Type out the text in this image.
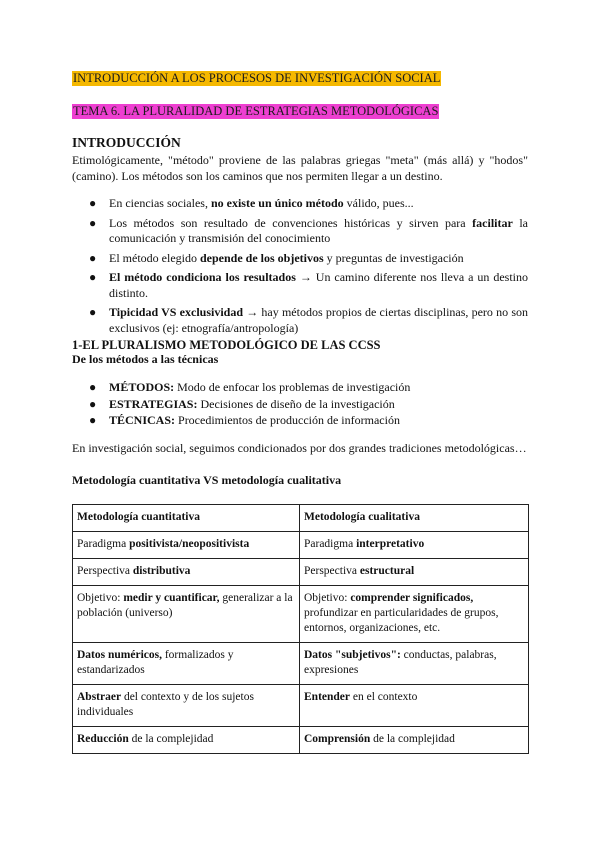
INTRODUCCIÓN A LOS PROCESOS DE INVESTIGACIÓN SOCIAL
TEMA 6. LA PLURALIDAD DE ESTRATEGIAS METODOLÓGICAS
INTRODUCCIÓN
Etimológicamente, "método" proviene de las palabras griegas "meta" (más allá) y "hodos" (camino). Los métodos son los caminos que nos permiten llegar a un destino.
● En ciencias sociales, no existe un único método válido, pues...
● Los métodos son resultado de convenciones históricas y sirven para facilitar la comunicación y transmisión del conocimiento
● El método elegido depende de los objetivos y preguntas de investigación
● El método condiciona los resultados → Un camino diferente nos lleva a un destino distinto.
● Tipicidad VS exclusividad → hay métodos propios de ciertas disciplinas, pero no son exclusivos (ej: etnografía/antropología)
1-EL PLURALISMO METODOLÓGICO DE LAS CCSS
De los métodos a las técnicas
● MÉTODOS: Modo de enfocar los problemas de investigación
● ESTRATEGIAS: Decisiones de diseño de la investigación
● TÉCNICAS: Procedimientos de producción de información
En investigación social, seguimos condicionados por dos grandes tradiciones metodológicas…
Metodología cuantitativa VS metodología cualitativa
Metodología cuantitativa	Metodología cualitativa
Paradigma positivista/neopositivista	Paradigma interpretativo
Perspectiva distributiva	Perspectiva estructural
Objetivo: medir y cuantificar, generalizar a la población (universo)	Objetivo: comprender significados, profundizar en particularidades de grupos, entornos, organizaciones, etc.
Datos numéricos, formalizados y estandarizados	Datos "subjetivos": conductas, palabras, expresiones
Abstraer del contexto y de los sujetos individuales	Entender en el contexto
Reducción de la complejidad	Comprensión de la complejidad
